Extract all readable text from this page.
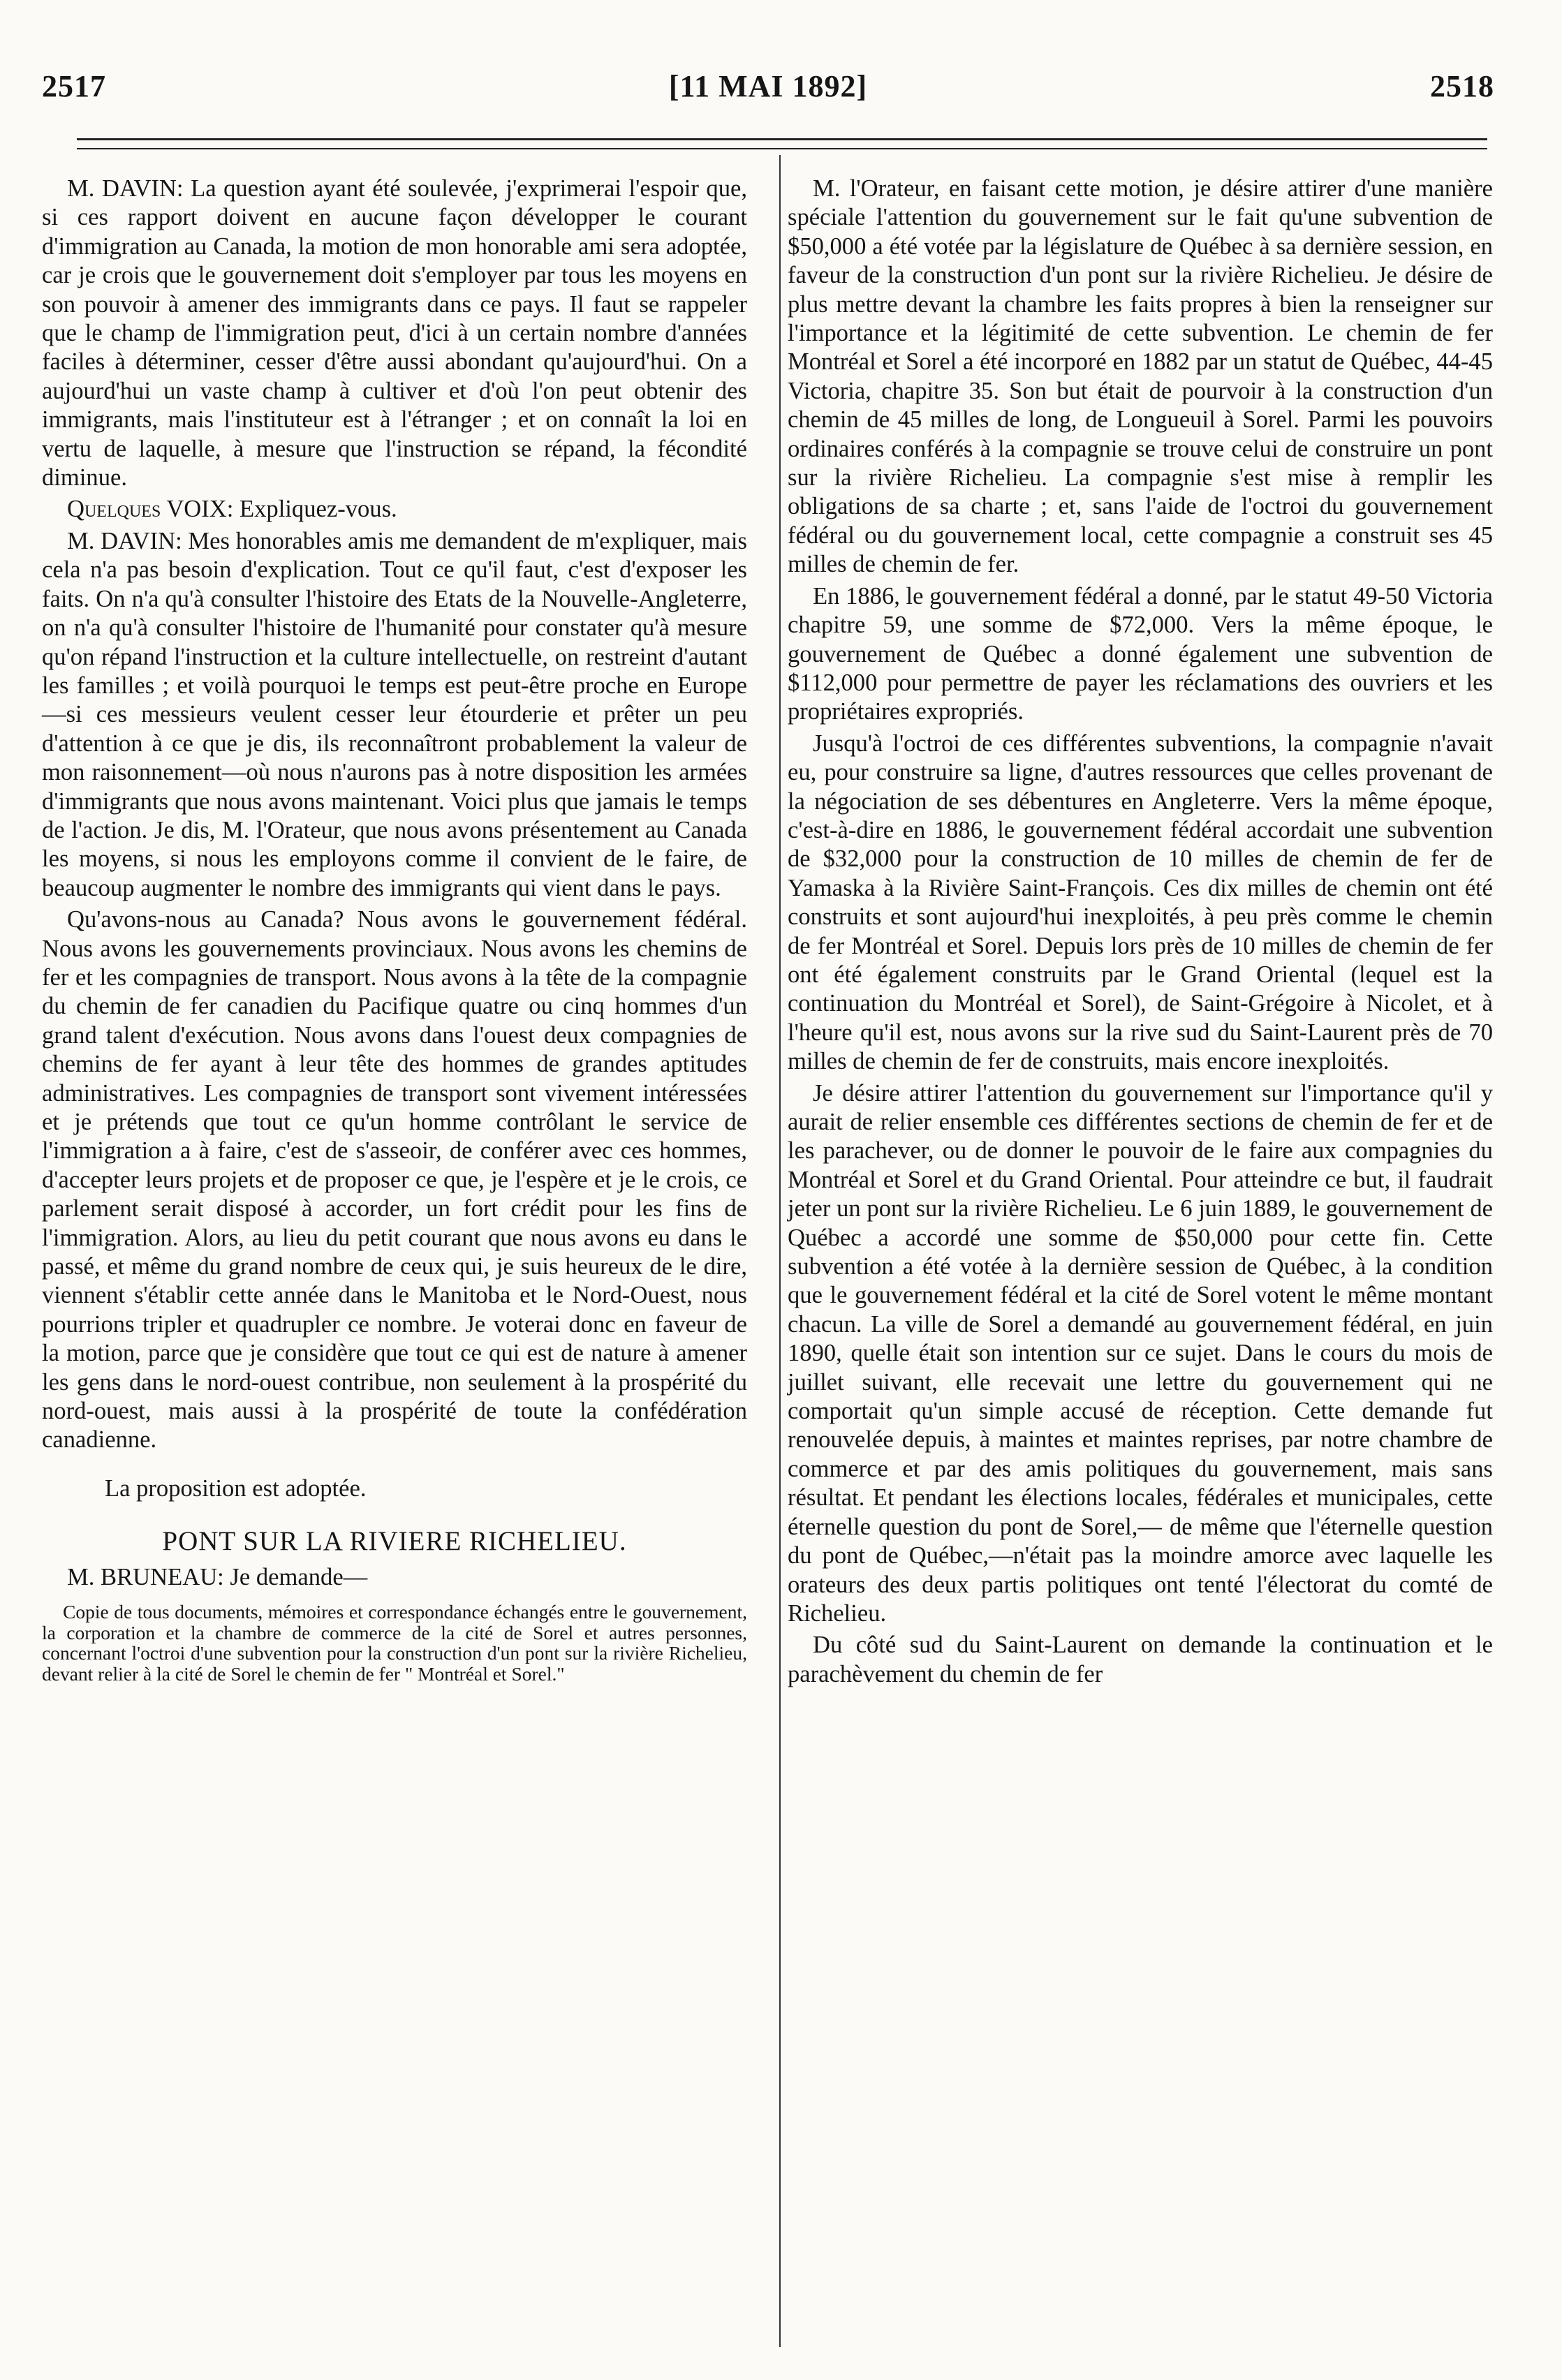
2517	[11 MAI 1892]	2518

M. DAVIN: La question ayant été soulevée, j'exprimerai l'espoir que, si ces rapport doivent en aucune façon développer le courant d'immigration au Canada, la motion de mon honorable ami sera adoptée, car je crois que le gouvernement doit s'employer par tous les moyens en son pouvoir à amener des immigrants dans ce pays. Il faut se rappeler que le champ de l'immigration peut, d'ici à un certain nombre d'années faciles à déterminer, cesser d'être aussi abondant qu'aujourd'hui. On a aujourd'hui un vaste champ à cultiver et d'où l'on peut obtenir des immigrants, mais l'instituteur est à l'étranger ; et on connaît la loi en vertu de laquelle, à mesure que l'instruction se répand, la fécondité diminue.

Quelques VOIX: Expliquez-vous.

M. DAVIN: Mes honorables amis me demandent de m'expliquer, mais cela n'a pas besoin d'explication. Tout ce qu'il faut, c'est d'exposer les faits. On n'a qu'à consulter l'histoire des Etats de la Nouvelle-Angleterre, on n'a qu'à consulter l'histoire de l'humanité pour constater qu'à mesure qu'on répand l'instruction et la culture intellectuelle, on restreint d'autant les familles ; et voilà pourquoi le temps est peut-être proche en Europe —si ces messieurs veulent cesser leur étourderie et prêter un peu d'attention à ce que je dis, ils reconnaîtront probablement la valeur de mon raisonnement—où nous n'aurons pas à notre disposition les armées d'immigrants que nous avons maintenant. Voici plus que jamais le temps de l'action. Je dis, M. l'Orateur, que nous avons présentement au Canada les moyens, si nous les employons comme il convient de le faire, de beaucoup augmenter le nombre des immigrants qui vient dans le pays.

Qu'avons-nous au Canada? Nous avons le gouvernement fédéral. Nous avons les gouvernements provinciaux. Nous avons les chemins de fer et les compagnies de transport. Nous avons à la tête de la compagnie du chemin de fer canadien du Pacifique quatre ou cinq hommes d'un grand talent d'exécution. Nous avons dans l'ouest deux compagnies de chemins de fer ayant à leur tête des hommes de grandes aptitudes administratives. Les compagnies de transport sont vivement intéressées et je prétends que tout ce qu'un homme contrôlant le service de l'immigration a à faire, c'est de s'asseoir, de conférer avec ces hommes, d'accepter leurs projets et de proposer ce que, je l'espère et je le crois, ce parlement serait disposé à accorder, un fort crédit pour les fins de l'immigration. Alors, au lieu du petit courant que nous avons eu dans le passé, et même du grand nombre de ceux qui, je suis heureux de le dire, viennent s'établir cette année dans le Manitoba et le Nord-Ouest, nous pourrions tripler et quadrupler ce nombre. Je voterai donc en faveur de la motion, parce que je considère que tout ce qui est de nature à amener les gens dans le nord-ouest contribue, non seulement à la prospérité du nord-ouest, mais aussi à la prospérité de toute la confédération canadienne.

La proposition est adoptée.

PONT SUR LA RIVIERE RICHELIEU.

M. BRUNEAU: Je demande—

Copie de tous documents, mémoires et correspondance échangés entre le gouvernement, la corporation et la chambre de commerce de la cité de Sorel et autres personnes, concernant l'octroi d'une subvention pour la construction d'un pont sur la rivière Richelieu, devant relier à la cité de Sorel le chemin de fer " Montréal et Sorel."

M. l'Orateur, en faisant cette motion, je désire attirer d'une manière spéciale l'attention du gouvernement sur le fait qu'une subvention de $50,000 a été votée par la législature de Québec à sa dernière session, en faveur de la construction d'un pont sur la rivière Richelieu. Je désire de plus mettre devant la chambre les faits propres à bien la renseigner sur l'importance et la légitimité de cette subvention. Le chemin de fer Montréal et Sorel a été incorporé en 1882 par un statut de Québec, 44-45 Victoria, chapitre 35. Son but était de pourvoir à la construction d'un chemin de 45 milles de long, de Longueuil à Sorel. Parmi les pouvoirs ordinaires conférés à la compagnie se trouve celui de construire un pont sur la rivière Richelieu. La compagnie s'est mise à remplir les obligations de sa charte ; et, sans l'aide de l'octroi du gouvernement fédéral ou du gouvernement local, cette compagnie a construit ses 45 milles de chemin de fer.

En 1886, le gouvernement fédéral a donné, par le statut 49-50 Victoria chapitre 59, une somme de $72,000. Vers la même époque, le gouvernement de Québec a donné également une subvention de $112,000 pour permettre de payer les réclamations des ouvriers et les propriétaires expropriés.

Jusqu'à l'octroi de ces différentes subventions, la compagnie n'avait eu, pour construire sa ligne, d'autres ressources que celles provenant de la négociation de ses débentures en Angleterre. Vers la même époque, c'est-à-dire en 1886, le gouvernement fédéral accordait une subvention de $32,000 pour la construction de 10 milles de chemin de fer de Yamaska à la Rivière Saint-François. Ces dix milles de chemin ont été construits et sont aujourd'hui inexploités, à peu près comme le chemin de fer Montréal et Sorel. Depuis lors près de 10 milles de chemin de fer ont été également construits par le Grand Oriental (lequel est la continuation du Montréal et Sorel), de Saint-Grégoire à Nicolet, et à l'heure qu'il est, nous avons sur la rive sud du Saint-Laurent près de 70 milles de chemin de fer de construits, mais encore inexploités.

Je désire attirer l'attention du gouvernement sur l'importance qu'il y aurait de relier ensemble ces différentes sections de chemin de fer et de les parachever, ou de donner le pouvoir de le faire aux compagnies du Montréal et Sorel et du Grand Oriental. Pour atteindre ce but, il faudrait jeter un pont sur la rivière Richelieu. Le 6 juin 1889, le gouvernement de Québec a accordé une somme de $50,000 pour cette fin. Cette subvention a été votée à la dernière session de Québec, à la condition que le gouvernement fédéral et la cité de Sorel votent le même montant chacun. La ville de Sorel a demandé au gouvernement fédéral, en juin 1890, quelle était son intention sur ce sujet. Dans le cours du mois de juillet suivant, elle recevait une lettre du gouvernement qui ne comportait qu'un simple accusé de réception. Cette demande fut renouvelée depuis, à maintes et maintes reprises, par notre chambre de commerce et par des amis politiques du gouvernement, mais sans résultat. Et pendant les élections locales, fédérales et municipales, cette éternelle question du pont de Sorel,— de même que l'éternelle question du pont de Québec,—n'était pas la moindre amorce avec laquelle les orateurs des deux partis politiques ont tenté l'électorat du comté de Richelieu.

Du côté sud du Saint-Laurent on demande la continuation et le parachèvement du chemin de fer
